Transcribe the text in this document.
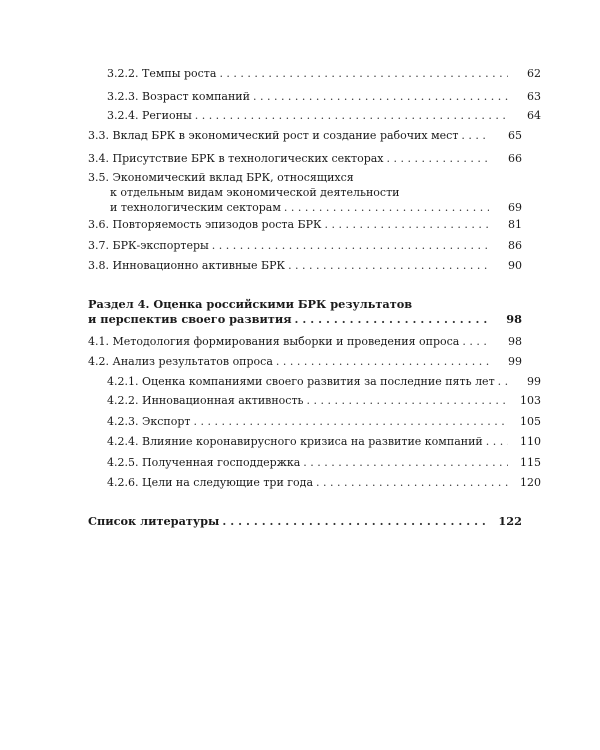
3.2.2. Темпы роста . . .	62
3.2.3. Возраст компаний . . .	63
3.2.4. Регионы . . .	64
3.3. Вклад БРК в экономический рост и создание рабочих мест . . .	65
3.4. Присутствие БРК в технологических секторах . . .	66
3.5. Экономический вклад БРК, относящихся
к отдельным видам экономической деятельности
и технологическим секторам . . .	69
3.6. Повторяемость эпизодов роста БРК . . .	81
3.7. БРК-экспортеры . . .	86
3.8. Инновационно активные БРК . . .	90
Раздел 4. Оценка российскими БРК результатов
и перспектив своего развития . . .	98
4.1. Методология формирования выборки и проведения опроса . . .	98
4.2. Анализ результатов опроса . . .	99
4.2.1. Оценка компаниями своего развития за последние пять лет . . .	99
4.2.2. Инновационная активность . . .	103
4.2.3. Экспорт . . .	105
4.2.4. Влияние коронавирусного кризиса на развитие компаний . . .	110
4.2.5. Полученная господдержка . . .	115
4.2.6. Цели на следующие три года . . .	120
Список литературы . . .	122
